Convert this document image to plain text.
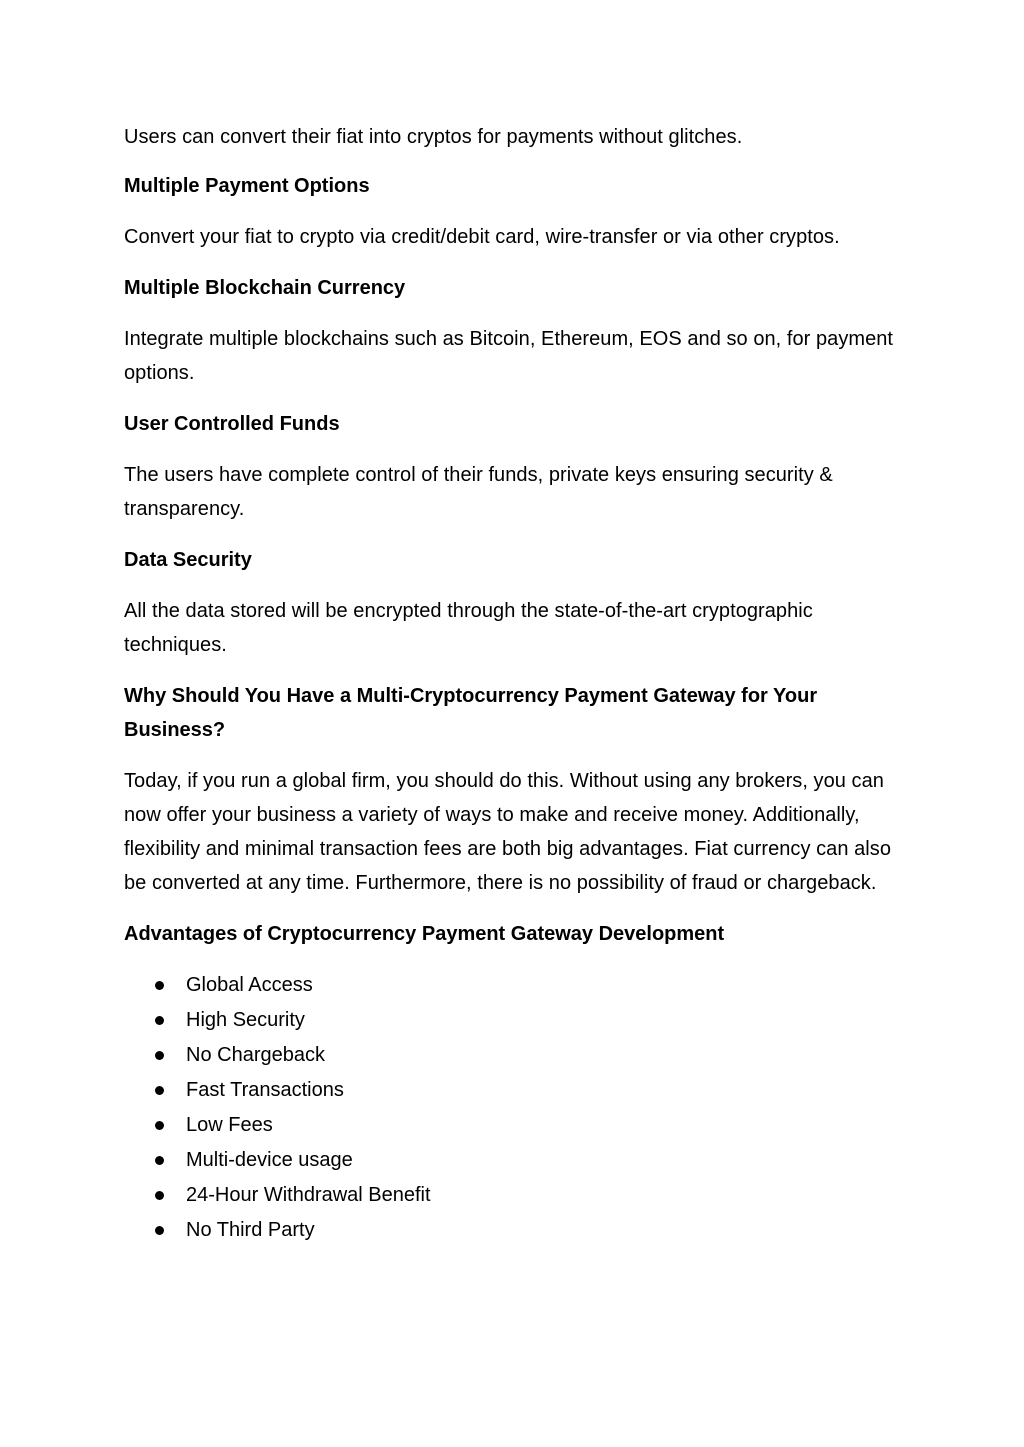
Users can convert their fiat into cryptos for payments without glitches.

Multiple Payment Options

Convert your fiat to crypto via credit/debit card, wire-transfer or via other cryptos.

Multiple Blockchain Currency

Integrate multiple blockchains such as Bitcoin, Ethereum, EOS and so on, for payment options.

User Controlled Funds

The users have complete control of their funds, private keys ensuring security & transparency.

Data Security

All the data stored will be encrypted through the state-of-the-art cryptographic techniques.

Why Should You Have a Multi-Cryptocurrency Payment Gateway for Your Business?

Today, if you run a global firm, you should do this. Without using any brokers, you can now offer your business a variety of ways to make and receive money. Additionally, flexibility and minimal transaction fees are both big advantages. Fiat currency can also be converted at any time. Furthermore, there is no possibility of fraud or chargeback.

Advantages of Cryptocurrency Payment Gateway Development

Global Access
High Security
No Chargeback
Fast Transactions
Low Fees
Multi-device usage
24-Hour Withdrawal Benefit
No Third Party
